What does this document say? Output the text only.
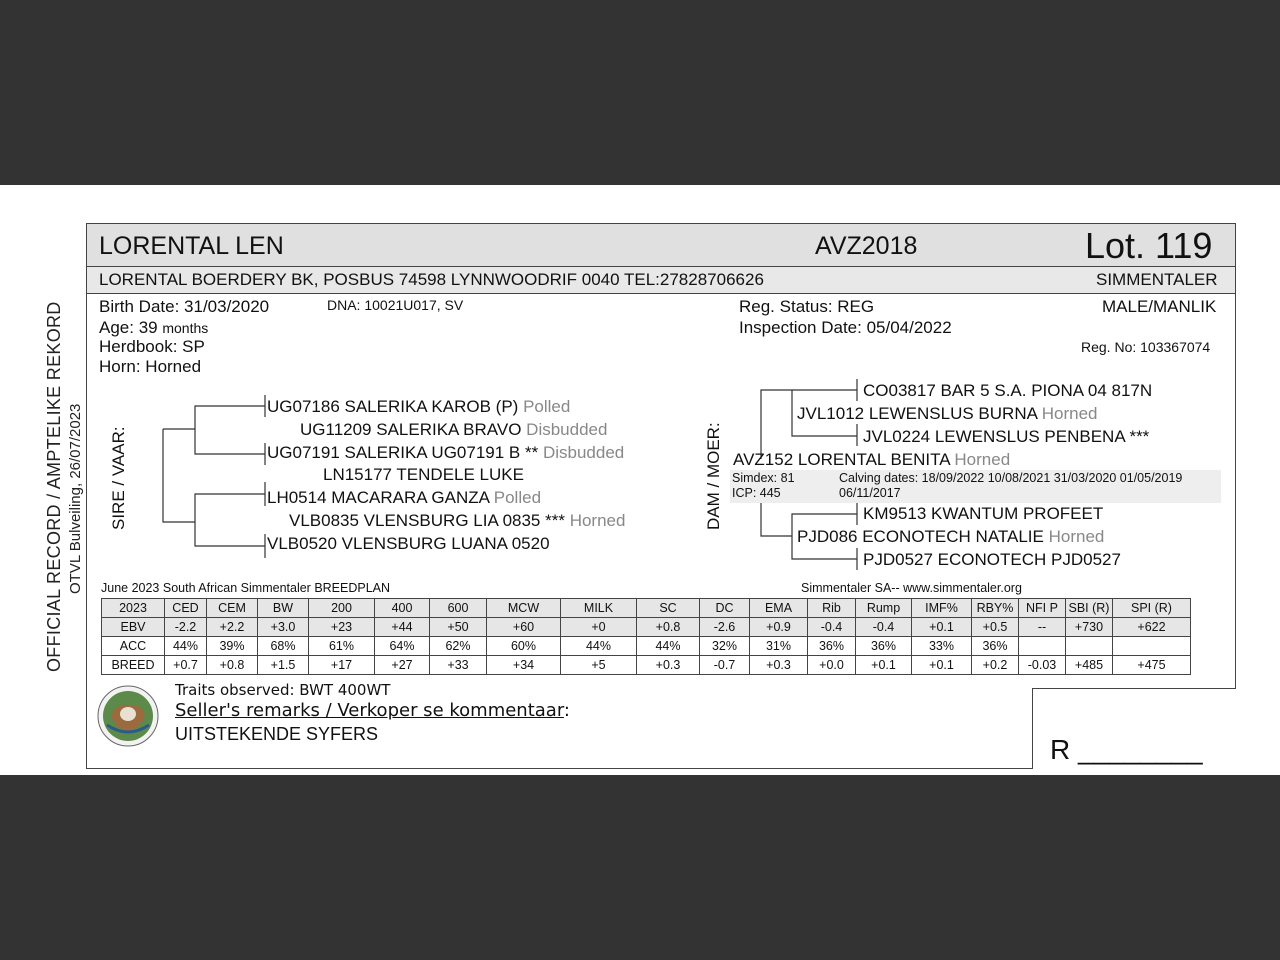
OFFICIAL RECORD / AMPTELIKE REKORD OTVL Bulveiling, 26/07/2023
LORENTAL LEN	AVZ2018	Lot. 119
LORENTAL BOERDERY BK, POSBUS 74598 LYNNWOODRIF 0040 TEL:27828706626	SIMMENTALER
Birth Date: 31/03/2020	DNA: 10021U017, SV
Age: 39 months
Herdbook: SP
Horn: Horned
Reg. Status: REG
Inspection Date: 05/04/2022
MALE/MANLIK
Reg. No: 103367074
SIRE / VAAR:
UG07186 SALERIKA KAROB (P) Polled
UG11209 SALERIKA BRAVO Disbudded
UG07191 SALERIKA UG07191 B ** Disbudded
LN15177 TENDELE LUKE
LH0514 MACARARA GANZA Polled
VLB0835 VLENSBURG LIA 0835 *** Horned
VLB0520 VLENSBURG LUANA 0520
DAM / MOER:
CO03817 BAR 5 S.A. PIONA 04 817N
JVL1012 LEWENSLUS BURNA Horned
JVL0224 LEWENSLUS PENBENA ***
AVZ152 LORENTAL BENITA Horned
Simdex: 81
ICP: 445
Calving dates: 18/09/2022 10/08/2021 31/03/2020 01/05/2019
06/11/2017
KM9513 KWANTUM PROFEET
PJD086 ECONOTECH NATALIE Horned
PJD0527 ECONOTECH PJD0527
June 2023 South African Simmentaler BREEDPLAN	Simmentaler SA-- www.simmentaler.org
2023	CED	CEM	BW	200	400	600	MCW	MILK	SC	DC	EMA	Rib	Rump	IMF%	RBY%	NFI P	SBI (R)	SPI (R)
EBV	-2.2	+2.2	+3.0	+23	+44	+50	+60	+0	+0.8	-2.6	+0.9	-0.4	-0.4	+0.1	+0.5	--	+730	+622
ACC	44%	39%	68%	61%	64%	62%	60%	44%	44%	32%	31%	36%	36%	33%	36%			
BREED	+0.7	+0.8	+1.5	+17	+27	+33	+34	+5	+0.3	-0.7	+0.3	+0.0	+0.1	+0.1	+0.2	-0.03	+485	+475
Traits observed: BWT 400WT
Seller's remarks / Verkoper se kommentaar:
UITSTEKENDE SYFERS	R ________
